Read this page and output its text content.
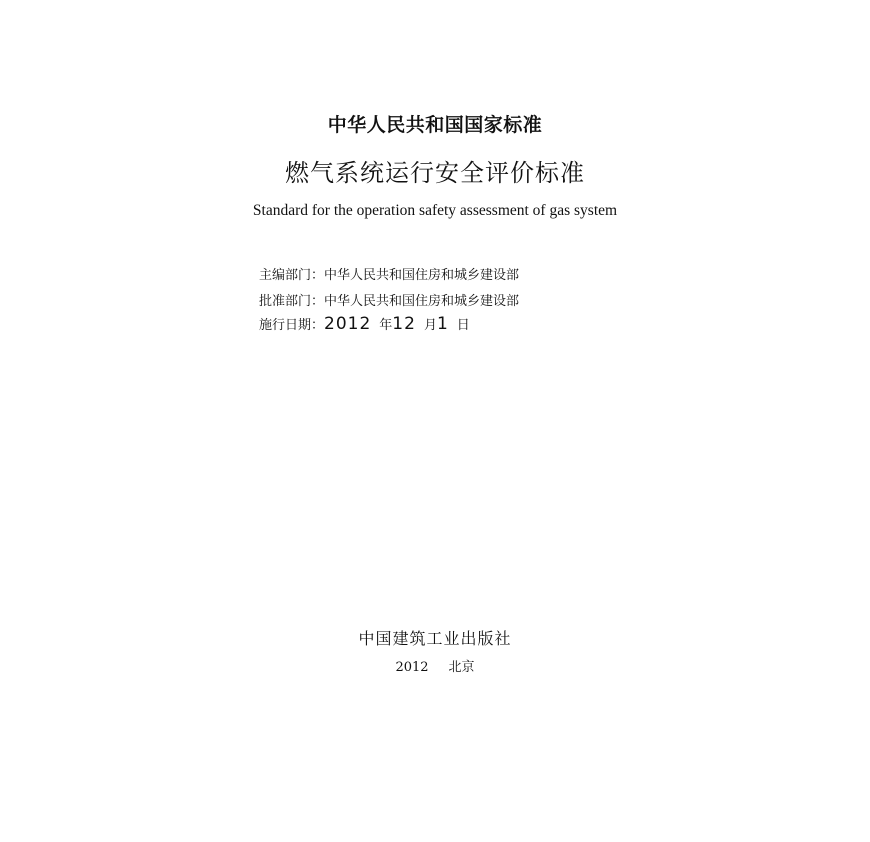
中华人民共和国国家标准
燃气系统运行安全评价标准
Standard for the operation safety assessment of gas system
主编部门：中华人民共和国住房和城乡建设部
批准部门：中华人民共和国住房和城乡建设部
施行日期：2012 年12 月1 日
中国建筑工业出版社
2012 北京
